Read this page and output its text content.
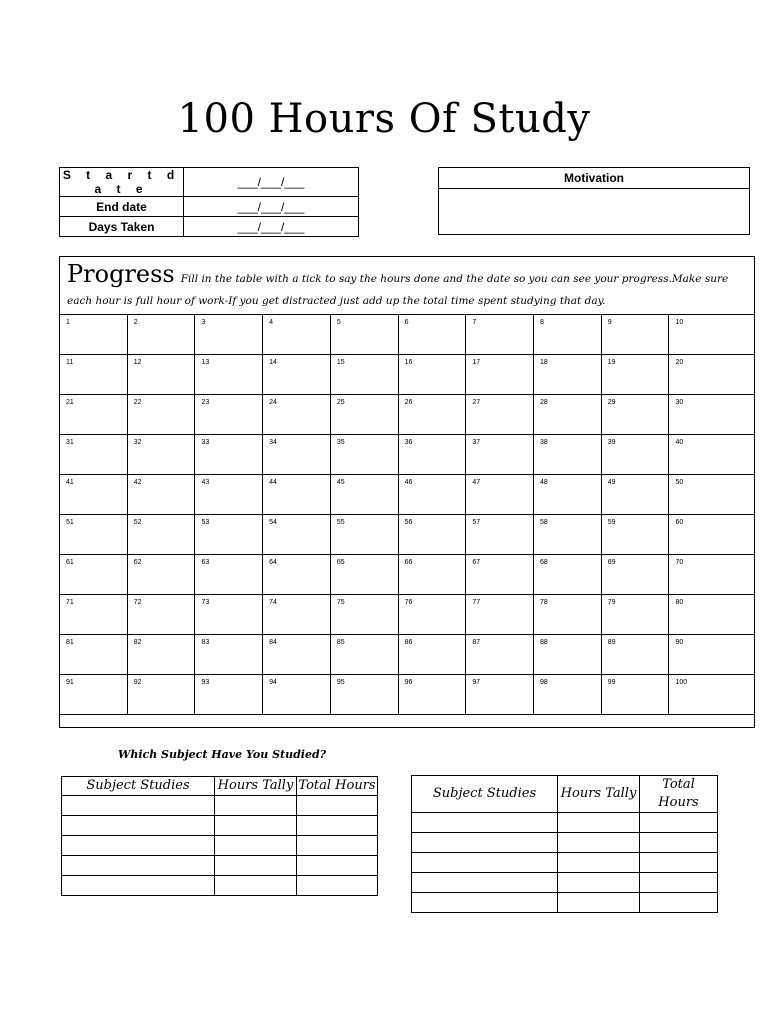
100 Hours Of Study
S t a r t d a t e	___/___/___
End date	___/___/___
Days Taken	___/___/___
Motivation
Progress Fill in the table with a tick to say the hours done and the date so you can see your progress.Make sure each hour is full hour of work-If you get distracted just add up the total time spent studying that day.
1	2	3	4	5	6	7	8	9	10
11	12	13	14	15	16	17	18	19	20
21	22	23	24	25	26	27	28	29	30
31	32	33	34	35	36	37	38	39	40
41	42	43	44	45	46	47	48	49	50
51	52	53	54	55	56	57	58	59	60
61	62	63	64	65	66	67	68	69	70
71	72	73	74	75	76	77	78	79	80
81	82	83	84	85	86	87	88	89	90
91	92	93	94	95	96	97	98	99	100
Which Subject Have You Studied?
Subject Studies	Hours Tally	Total Hours

Subject Studies	Hours Tally	Total Hours
